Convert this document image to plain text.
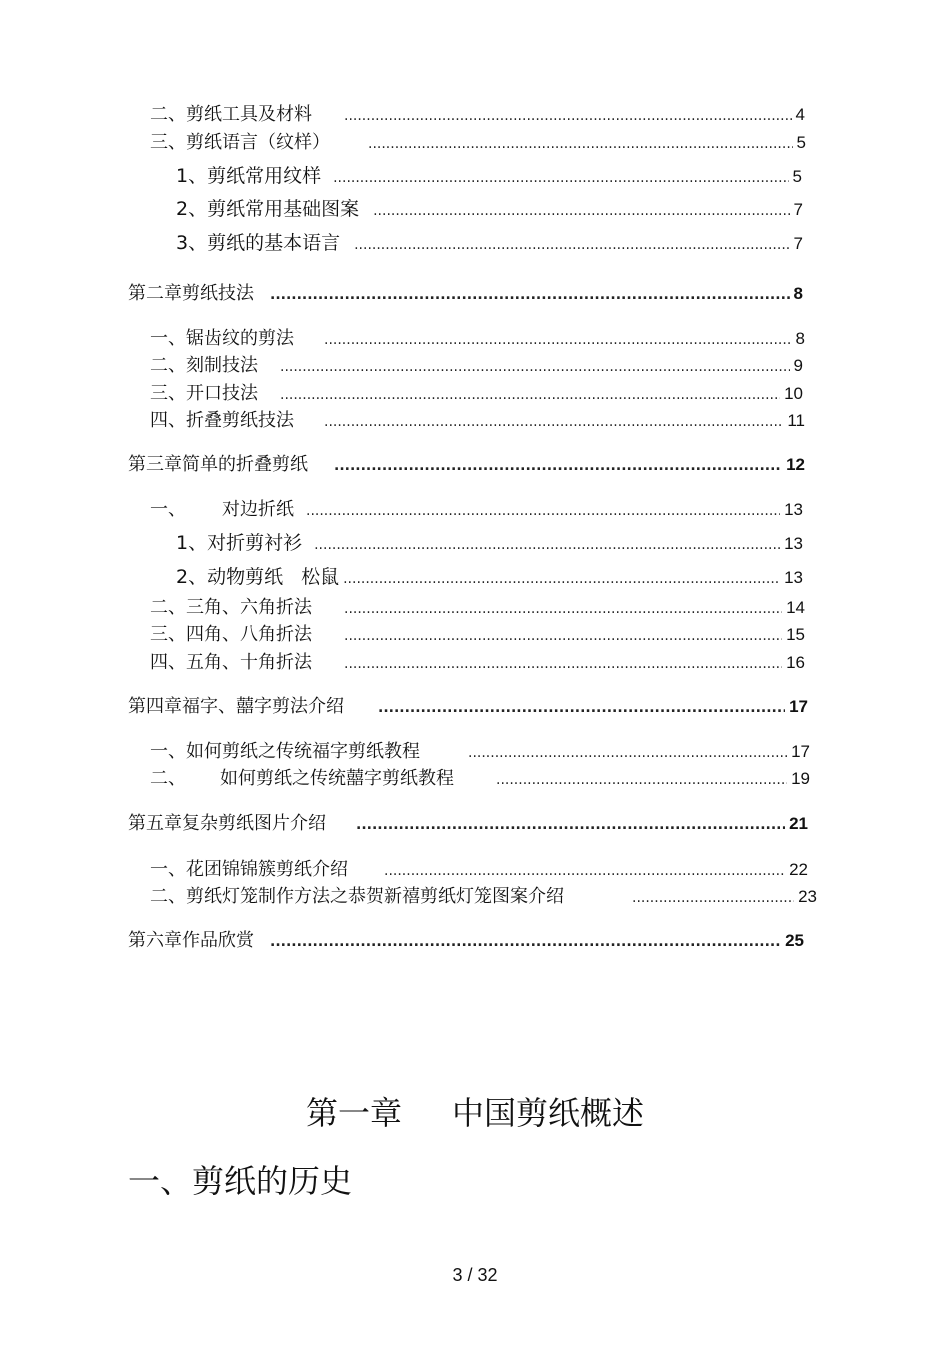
二、剪纸工具及材料 .....	4
三、剪纸语言（纹样） .....	5
1、剪纸常用纹样 .....	5
2、剪纸常用基础图案 .....	7
3、剪纸的基本语言 .....	7
第二章 剪纸技法 .....	8
一、锯齿纹的剪法 .....	8
二、刻制技法 .....	9
三、开口技法 .....	10
四、折叠剪纸技法 .....	11
第三章 简单的折叠剪纸 .....	12
一、 对边折纸 .....	13
1、对折剪衬衫 .....	13
2、动物剪纸 松鼠 .....	13
二、三角、六角折法 .....	14
三、四角、八角折法 .....	15
四、五角、十角折法 .....	16
第四章 福字、囍字剪法介绍 .....	17
一、如何剪纸之传统福字剪纸教程 .....	17
二、 如何剪纸之传统囍字剪纸教程 .....	19
第五章 复杂剪纸图片介绍 .....	21
一、花团锦锦簇剪纸介绍 .....	22
二、剪纸灯笼制作方法之恭贺新禧剪纸灯笼图案介绍 .....	23
第六章 作品欣赏 .....	25
第一章 中国剪纸概述
一、剪纸的历史
3 / 32
